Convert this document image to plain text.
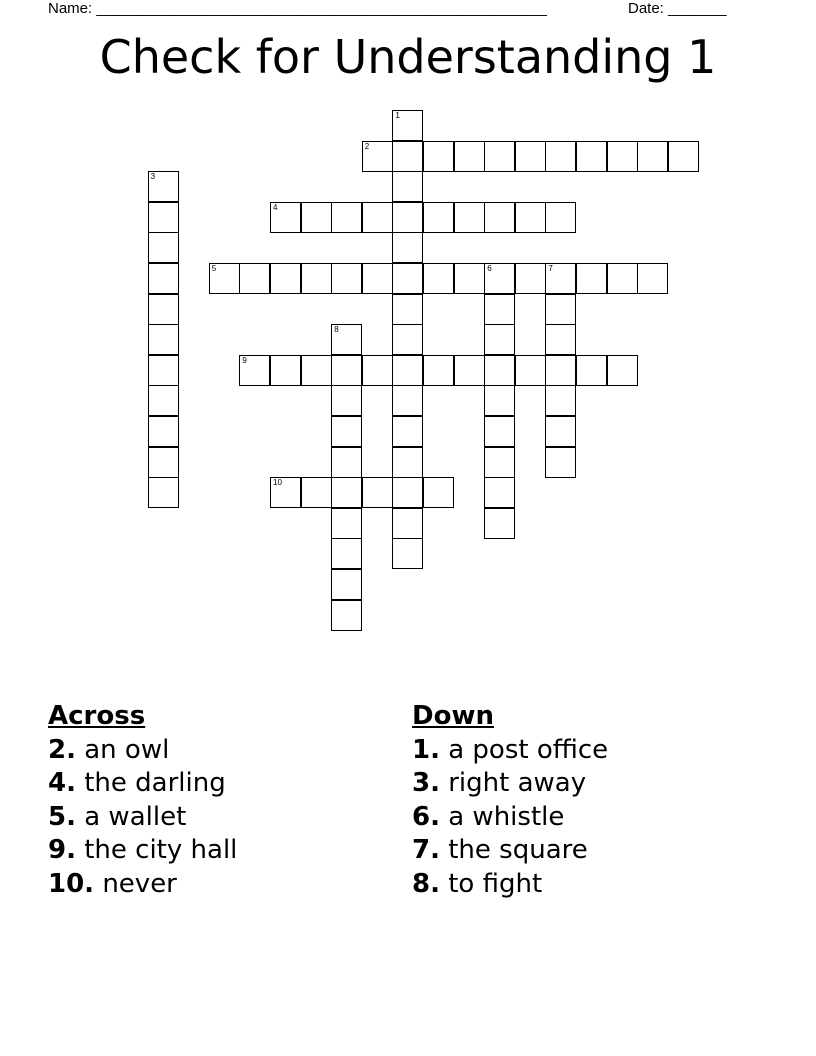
Name: ______________________________________________________	Date: _______
Check for Understanding 1
1
2
3
4
5	6	7
8
9
10
Across
2. an owl
4. the darling
5. a wallet
9. the city hall
10. never
Down
1. a post office
3. right away
6. a whistle
7. the square
8. to fight
